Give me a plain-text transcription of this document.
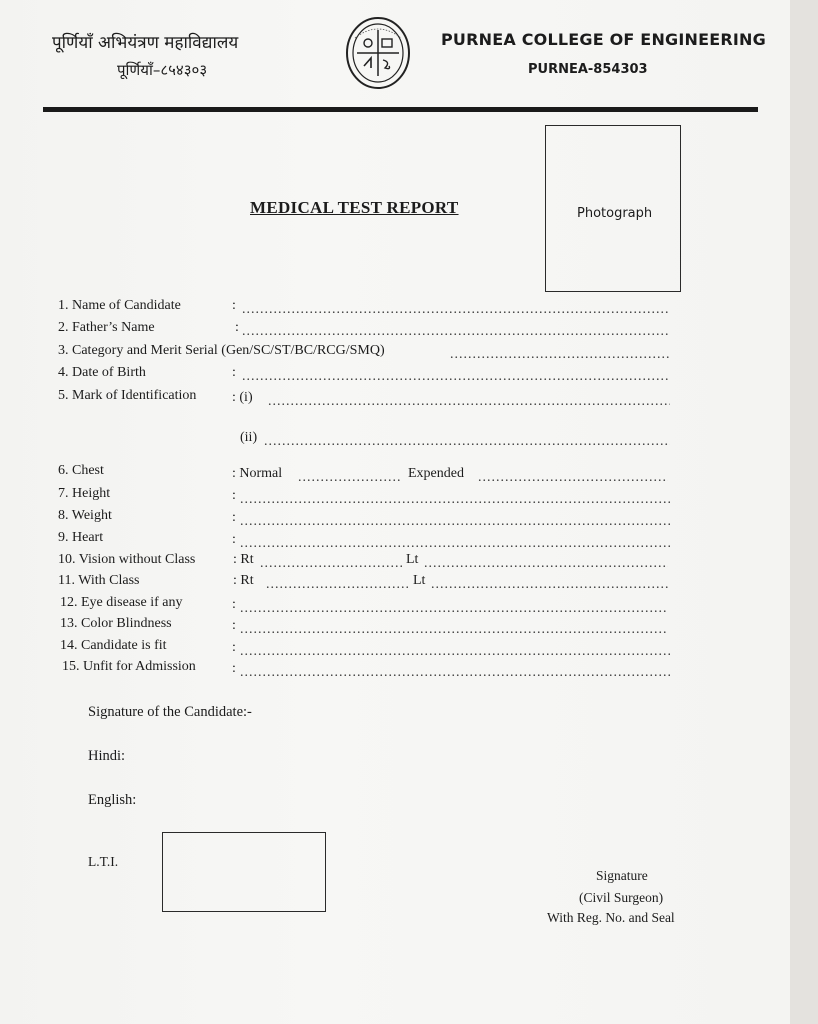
पूर्णियाँ अभियंत्रण महाविद्यालय
पूर्णियाँ–८५४३०३
PURNEA COLLEGE OF ENGINEERING
PURNEA-854303
MEDICAL TEST REPORT	Photograph
1. Name of Candidate	:
.....
2. Father’s Name	:
.....
3. Category and Merit Serial (Gen/SC/ST/BC/RCG/SMQ)
.....
4. Date of Birth	:
.....
5. Mark of Identification	: (i)
.....
(ii)
.....
6. Chest	: Normal .....	Expended
.....
7. Height	:
.....
8. Weight	:
.....
9. Heart	:
.....
10. Vision without Class	: Rt .....	Lt
.....
11. With Class	: Rt .....	Lt
.....
12. Eye disease if any	:
.....
13. Color Blindness	:
.....
14. Candidate is fit	:
.....
15. Unfit for Admission	:
.....
Signature of the Candidate:-
Hindi:
English:
L.T.I.
Signature
(Civil Surgeon)
With Reg. No. and Seal
